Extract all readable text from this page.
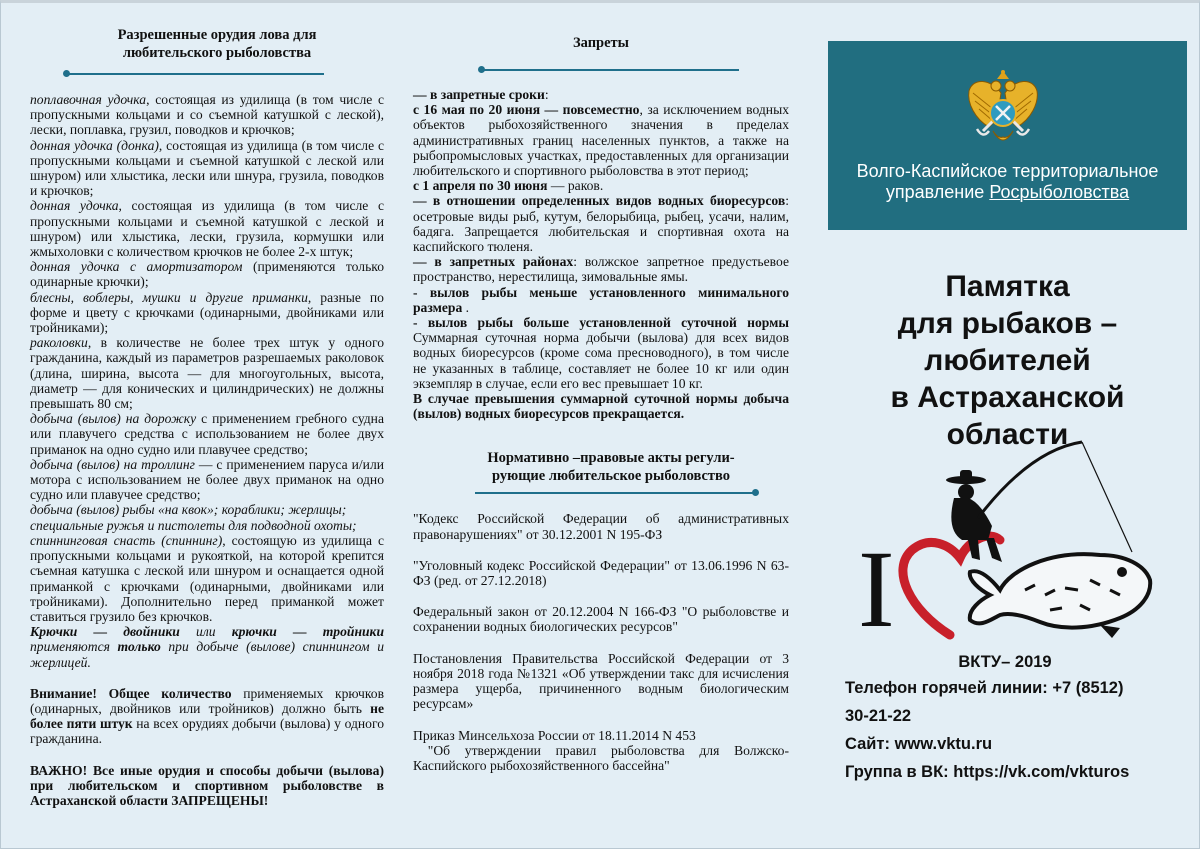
Разрешенные орудия лова для
любительского рыболовства

поплавочная удочка, состоящая из удилища (в том числе с пропускными кольцами и со съемной катушкой с леской), лески, поплавка, грузил, поводков и крючков;

донная удочка (донка), состоящая из удилища (в том числе с пропускными кольцами и съемной катушкой с леской или шнуром) или хлыстика, лески или шнура, грузила, поводков и крючков;

донная удочка, состоящая из удилища (в том числе с пропускными кольцами и съемной катушкой с леской и шнуром) или хлыстика, лески, грузила, кормушки или жмыхоловки с количеством крючков не более 2-х штук;

донная удочка с амортизатором (применяются только одинарные крючки);

блесны, воблеры, мушки и другие приманки, разные по форме и цвету с крючками (одинарными, двойниками или тройниками);

раколовки, в количестве не более трех штук у одного гражданина, каждый из параметров разрешаемых раколовок (длина, ширина, высота — для многоугольных, высота, диаметр — для конических и цилиндрических) не должны превышать 80 см;

добыча (вылов) на дорожку с применением гребного судна или плавучего средства с использованием не более двух приманок на одно судно или плавучее средство;

добыча (вылов) на троллинг — с применением паруса и/или мотора с использованием не более двух приманок на одно судно или плавучее средство;

добыча (вылов) рыбы «на квок»; кораблики; жерлицы;

специальные ружья и пистолеты для подводной охоты;

спиннинговая снасть (спиннинг), состоящую из удилища с пропускными кольцами и рукояткой, на которой крепится съемная катушка с леской или шнуром и оснащается одной приманкой с крючками (одинарными, двойниками или тройниками). Дополнительно перед приманкой может ставиться грузило без крючков.

Крючки — двойники или крючки — тройники применяются только при добыче (вылове) спиннингом и жерлицей.

Внимание! Общее количество применяемых крючков (одинарных, двойников или тройников) должно быть не более пяти штук на всех орудиях добычи (вылова) у одного гражданина.

ВАЖНО! Все иные орудия и способы добычи (вылова) при любительском и спортивном рыболовстве в Астраханской области ЗАПРЕЩЕНЫ!

Запреты

— в запретные сроки:

с 16 мая по 20 июня — повсеместно, за исключением водных объектов рыбохозяйственного значения в пределах административных границ населенных пунктов, а также на рыбопромысловых участках, предоставленных для организации любительского и спортивного рыболовства в этот период;

с 1 апреля по 30 июня — раков.

— в отношении определенных видов водных биоресурсов: осетровые виды рыб, кутум, белорыбица, рыбец, усачи, налим, бадяга. Запрещается любительская и спортивная охота на каспийского тюленя.

— в запретных районах: волжское запретное предустьевое пространство, нерестилища, зимовальные ямы.

- вылов рыбы меньше установленного минимального размера .

- вылов рыбы больше установленной суточной нормы Суммарная суточная норма добычи (вылова) для всех видов водных биоресурсов (кроме сома пресноводного), в том числе не указанных в таблице, составляет не более 10 кг или один экземпляр в случае, если его вес превышает 10 кг.

В случае превышения суммарной суточной нормы добыча (вылов) водных биоресурсов прекращается.

Нормативно –правовые акты регули-
рующие любительское рыболовство

"Кодекс Российской Федерации об административных правонарушениях" от 30.12.2001 N 195-ФЗ

"Уголовный кодекс Российской Федерации" от 13.06.1996 N 63-ФЗ (ред. от 27.12.2018)

Федеральный закон от 20.12.2004 N 166-ФЗ "О рыболовстве и сохранении водных биологических ресурсов"

Постановления Правительства Российской Федерации от 3 ноября 2018 года №1321 «Об утверждении такс для исчисления размера ущерба, причиненного водным биологическим ресурсам»

Приказ Минсельхоза России от 18.11.2014 N 453

"Об утверждении правил рыболовства для Волжско-Каспийского рыбохозяйственного бассейна"

Волго-Каспийское территориальное
управление Росрыболовства
Памятка
для рыбаков –
любителей
в Астраханской
области
I
ВКТУ– 2019
Телефон горячей линии: +7 (8512)
30-21-22
Сайт: www.vktu.ru
Группа в ВК: https://vk.com/vkturos
